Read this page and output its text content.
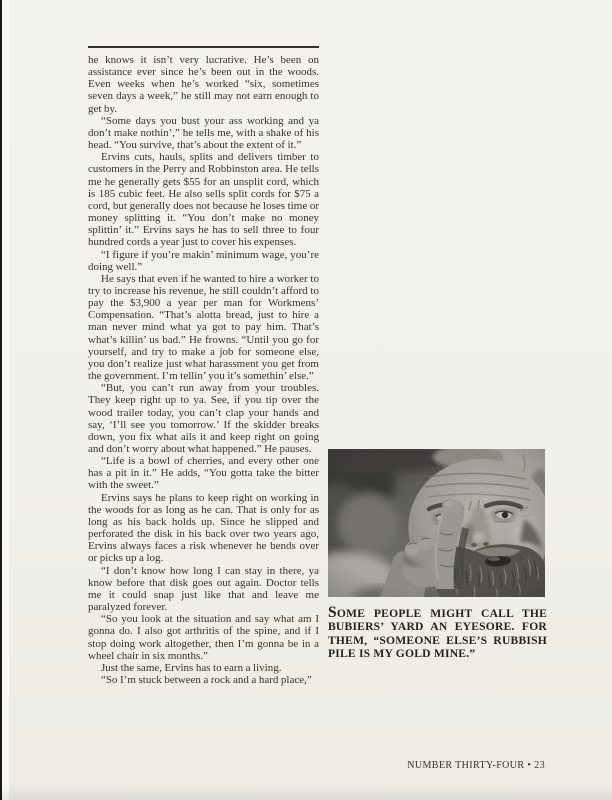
he knows it isn’t very lucrative. He’s been on assistance ever since he’s been out in the woods. Even weeks when he’s worked “six, sometimes seven days a week,” he still may not earn enough to get by.

“Some days you bust your ass working and ya don’t make nothin’,” he tells me, with a shake of his head. “You survive, that’s about the extent of it.”

Ervins cuts, hauls, splits and delivers timber to customers in the Perry and Robbinston area. He tells me he generally gets $55 for an unsplit cord, which is 185 cubic feet. He also sells split cords for $75 a cord, but generally does not because he loses time or money splitting it. “You don’t make no money splittin’ it.” Ervins says he has to sell three to four hundred cords a year just to cover his expenses.

“I figure if you’re makin’ minimum wage, you’re doing well.”

He says that even if he wanted to hire a worker to try to increase his revenue, he still couldn’t afford to pay the $3,900 a year per man for Workmens’ Compensation. “That’s alotta bread, just to hire a man never mind what ya got to pay him. That’s what’s killin’ us bad.” He frowns. “Until you go for yourself, and try to make a job for someone else, you don’t realize just what harassment you get from the government. I’m tellin’ you it’s somethin’ else.”

“But, you can’t run away from your troubles. They keep right up to ya. See, if you tip over the wood trailer today, you can’t clap your hands and say, ‘I’ll see you tomorrow.’ If the skidder breaks down, you fix what ails it and keep right on going and don’t worry about what happened.” He pauses.

“Life is a bowl of cherries, and every other one has a pit in it.” He adds, “You gotta take the bitter with the sweet.”

Ervins says he plans to keep right on working in the woods for as long as he can. That is only for as long as his back holds up. Since he slipped and perforated the disk in his back over two years ago, Ervins always faces a risk whenever he bends over or picks up a log.

“I don’t know how long I can stay in there, ya know before that disk goes out again. Doctor tells me it could snap just like that and leave me paralyzed forever.

“So you look at the situation and say what am I gonna do. I also got arthritis of the spine, and if I stop doing work altogether, then I’m gonna be in a wheel chair in six months.”

Just the same, Ervins has to earn a living.

“So I’m stuck between a rock and a hard place,”

SOME PEOPLE MIGHT CALL THE BUBIERS’ YARD AN EYESORE. FOR THEM, “SOMEONE ELSE’S RUBBISH PILE IS MY GOLD MINE.”
NUMBER THIRTY-FOUR • 23
